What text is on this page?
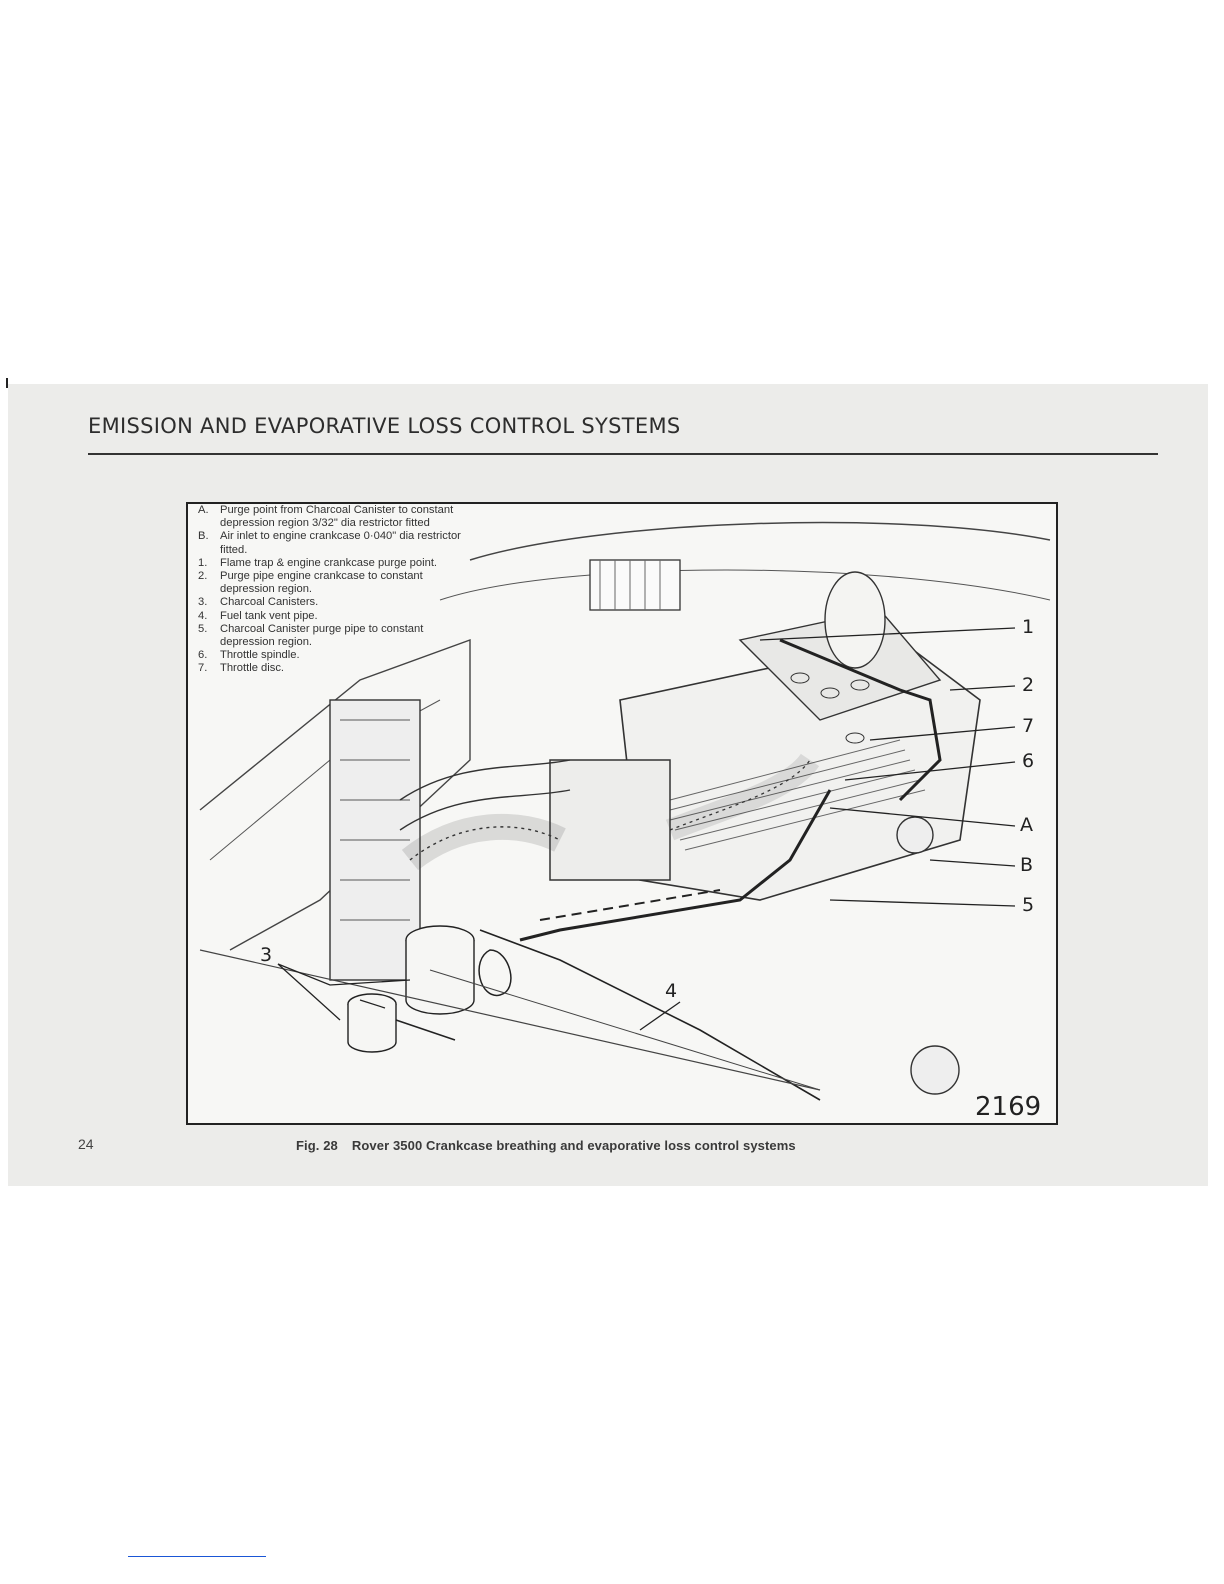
EMISSION AND EVAPORATIVE LOSS CONTROL SYSTEMS
A.	Purge point from Charcoal Canister to constant depression region 3/32" dia restrictor fitted
B.	Air inlet to engine crankcase 0·040" dia restrictor fitted.
1.	Flame trap & engine crankcase purge point.
2.	Purge pipe engine crankcase to constant depression region.
3.	Charcoal Canisters.
4.	Fuel tank vent pipe.
5.	Charcoal Canister purge pipe to constant depression region.
6.	Throttle spindle.
7.	Throttle disc.
1
2
7
6
A
B
5
3
4
2169
24	Fig. 28 Rover 3500 Crankcase breathing and evaporative loss control systems
